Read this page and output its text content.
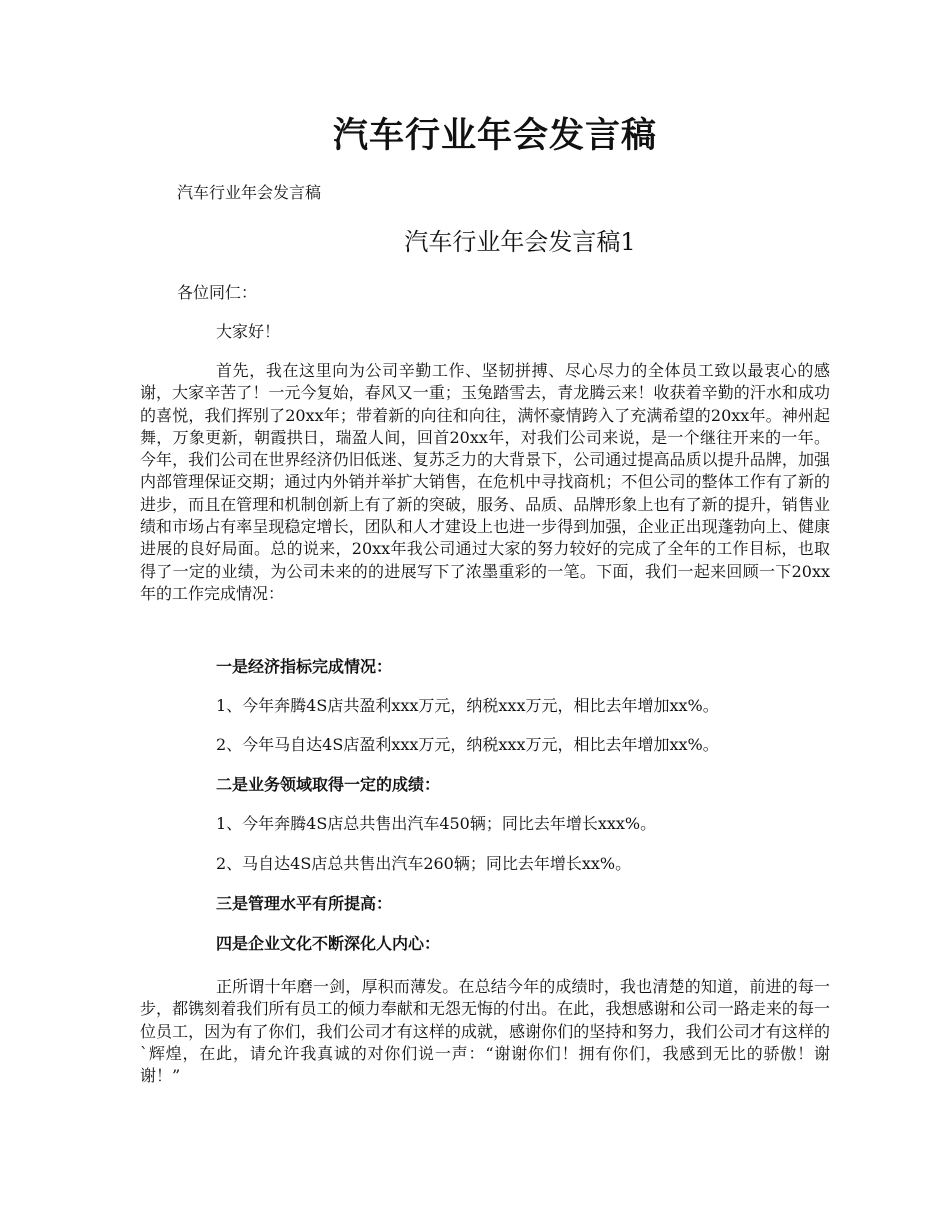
汽车行业年会发言稿
汽车行业年会发言稿
汽车行业年会发言稿1
各位同仁：
大家好！

首先，我在这里向为公司辛勤工作、坚韧拼搏、尽心尽力的全体员工致以最衷心的感谢，大家辛苦了！一元今复始，春风又一重；玉兔踏雪去，青龙腾云来！收获着辛勤的汗水和成功的喜悦，我们挥别了20xx年；带着新的向往和向往，满怀豪情跨入了充满希望的20xx年。神州起舞，万象更新，朝霞拱日，瑞盈人间，回首20xx年，对我们公司来说，是一个继往开来的一年。今年，我们公司在世界经济仍旧低迷、复苏乏力的大背景下，公司通过提高品质以提升品牌，加强内部管理保证交期；通过内外销并举扩大销售，在危机中寻找商机；不但公司的整体工作有了新的进步，而且在管理和机制创新上有了新的突破，服务、品质、品牌形象上也有了新的提升，销售业绩和市场占有率呈现稳定增长，团队和人才建设上也进一步得到加强，企业正出现蓬勃向上、健康进展的良好局面。总的说来，20xx年我公司通过大家的努力较好的完成了全年的工作目标，也取得了一定的业绩，为公司未来的的进展写下了浓墨重彩的一笔。下面，我们一起来回顾一下20xx年的工作完成情况：

一是经济指标完成情况：
1、今年奔腾4S店共盈利xxx万元，纳税xxx万元，相比去年增加xx%。
2、今年马自达4S店盈利xxx万元，纳税xxx万元，相比去年增加xx%。
二是业务领域取得一定的成绩：
1、今年奔腾4S店总共售出汽车450辆；同比去年增长xxx%。
2、马自达4S店总共售出汽车260辆；同比去年增长xx%。
三是管理水平有所提高：
四是企业文化不断深化人内心：

正所谓十年磨一剑，厚积而薄发。在总结今年的成绩时，我也清楚的知道，前进的每一步，都镌刻着我们所有员工的倾力奉献和无怨无悔的付出。在此，我想感谢和公司一路走来的每一位员工，因为有了你们，我们公司才有这样的成就，感谢你们的坚持和努力，我们公司才有这样的`辉煌，在此，请允许我真诚的对你们说一声：“谢谢你们！拥有你们，我感到无比的骄傲！谢谢！”
